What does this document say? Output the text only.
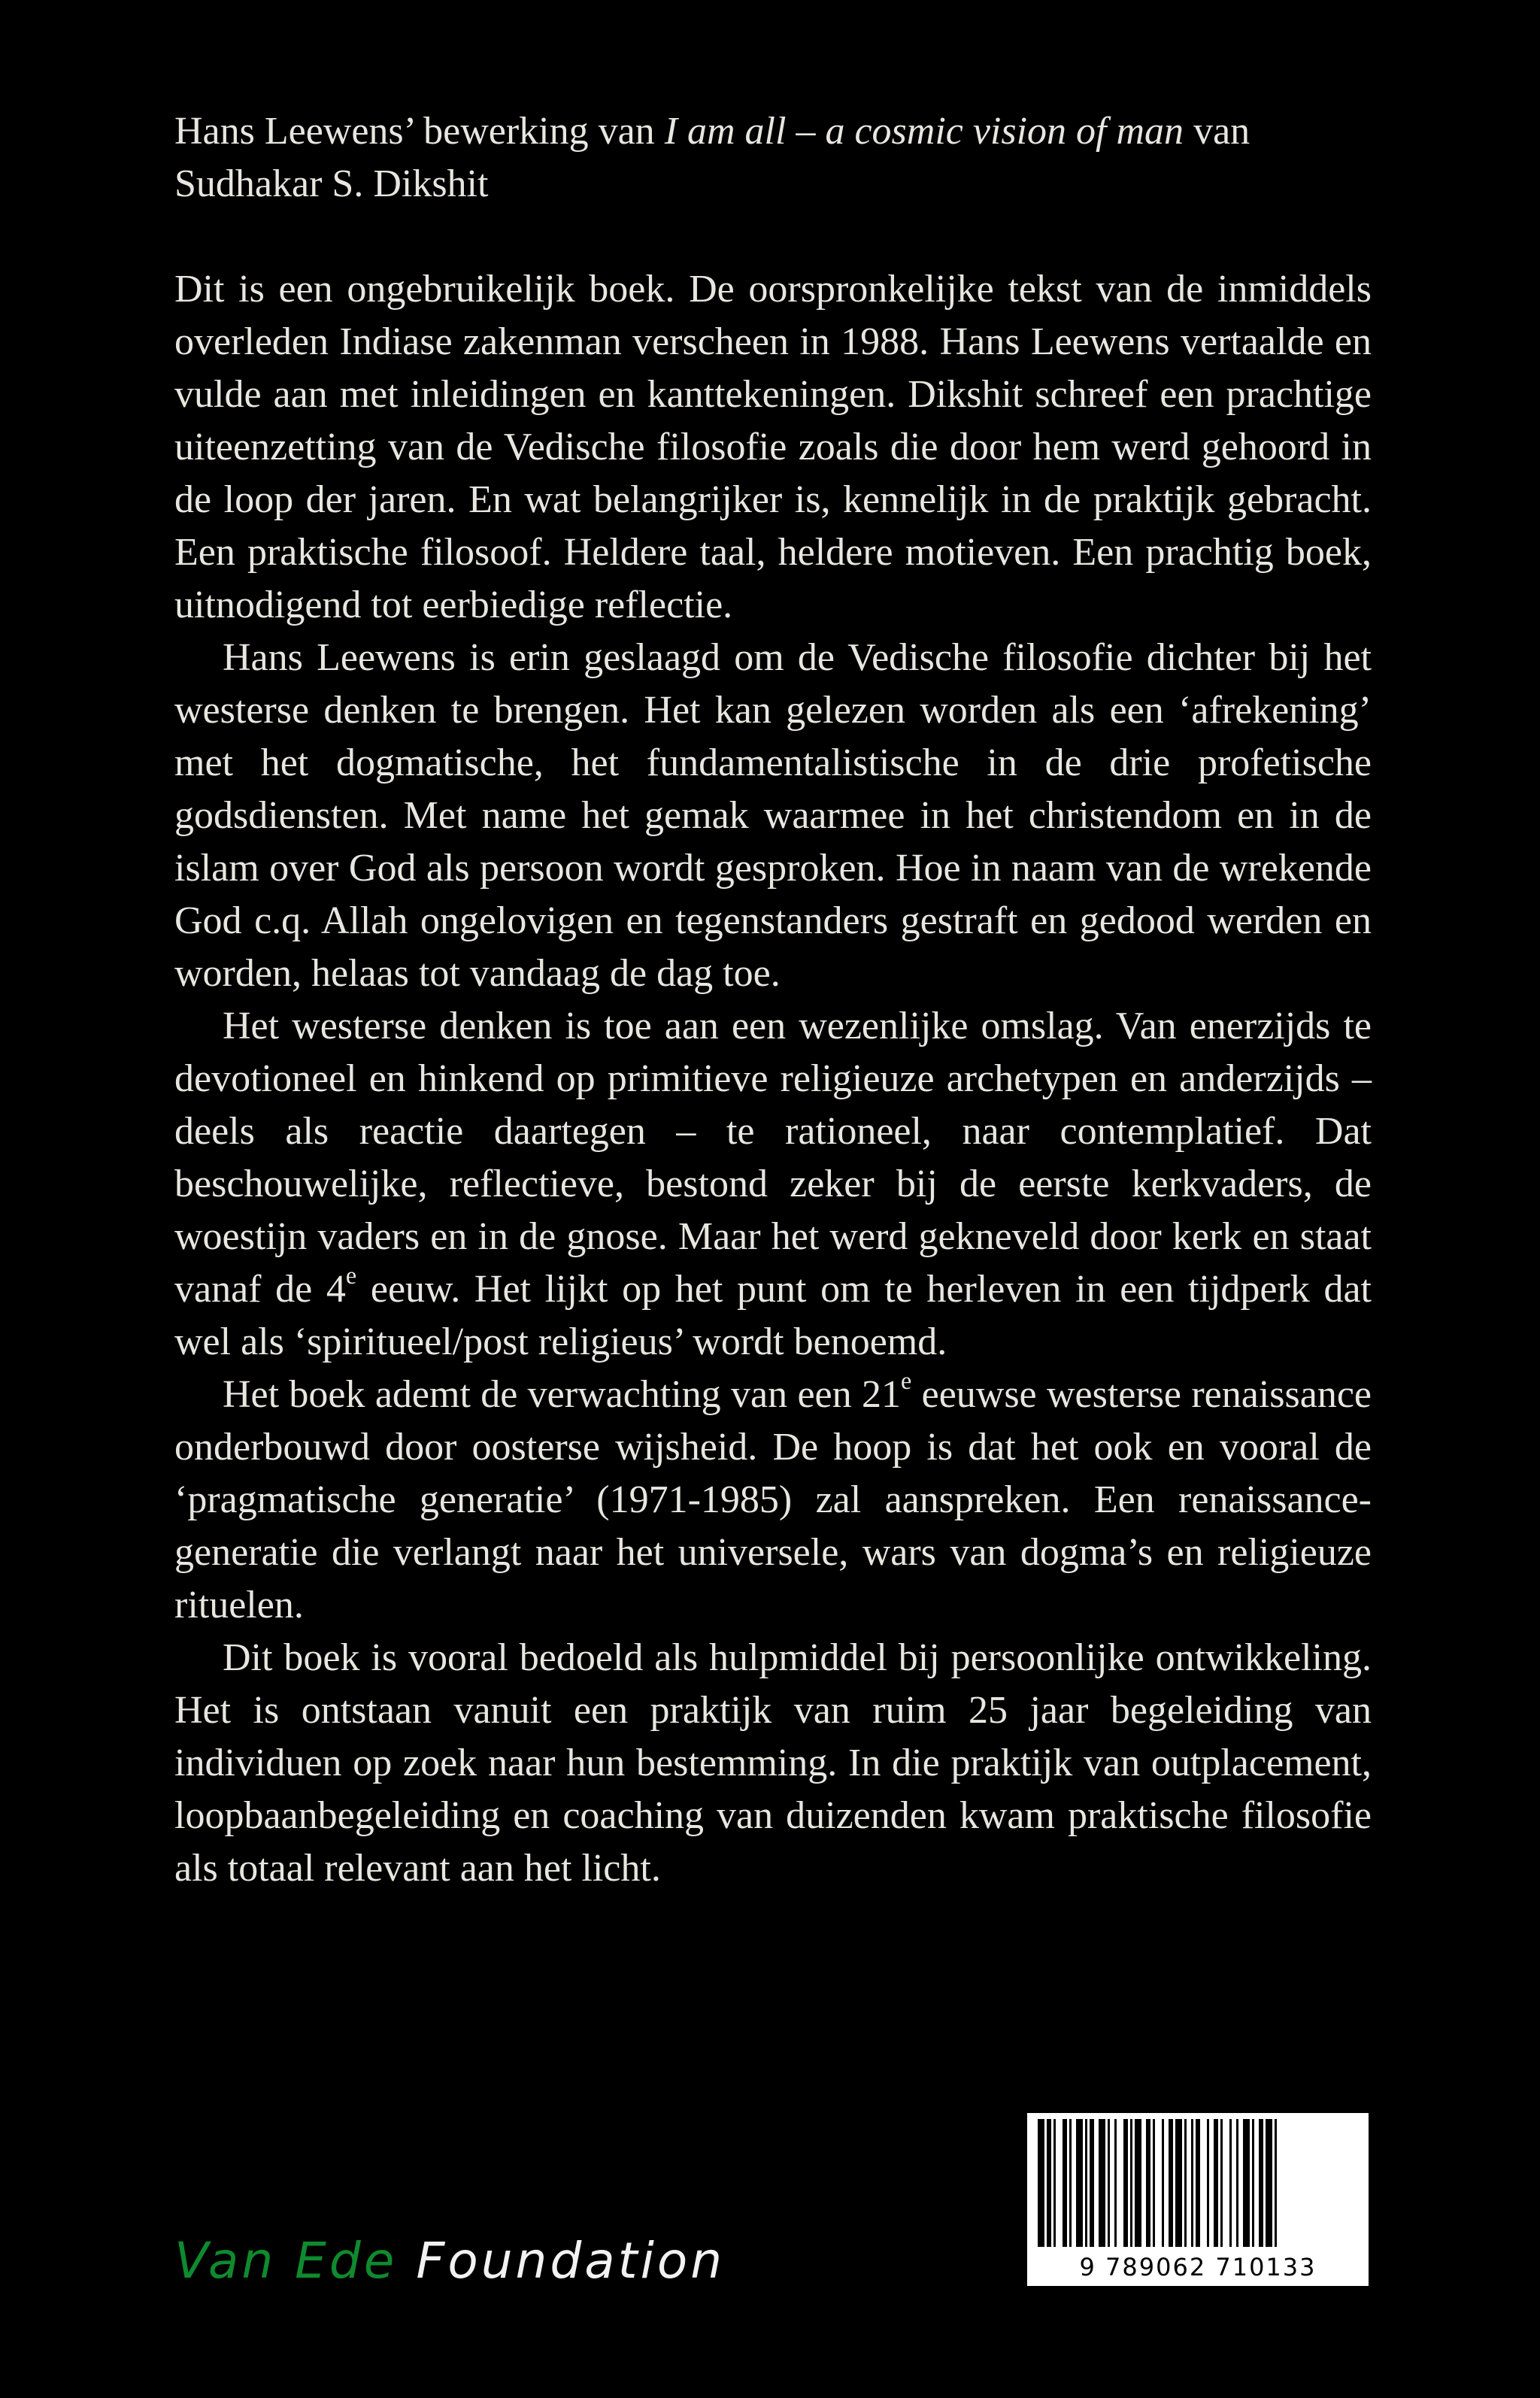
Hans Leewens’ bewerking van I am all – a cosmic vision of man van Sudhakar S. Dikshit

Dit is een ongebruikelijk boek. De oorspronkelijke tekst van de inmiddels overleden Indiase zakenman verscheen in 1988. Hans Leewens vertaalde en vulde aan met inleidingen en kanttekeningen. Dikshit schreef een prachtige uiteenzetting van de Vedische filosofie zoals die door hem werd gehoord in de loop der jaren. En wat belangrijker is, kennelijk in de praktijk gebracht. Een praktische filosoof. Heldere taal, heldere motieven. Een prachtig boek, uitnodigend tot eerbiedige reflectie.

Hans Leewens is erin geslaagd om de Vedische filosofie dichter bij het westerse denken te brengen. Het kan gelezen worden als een ‘afrekening’ met het dogmatische, het fundamentalistische in de drie profetische godsdiensten. Met name het gemak waarmee in het christendom en in de islam over God als persoon wordt gesproken. Hoe in naam van de wrekende God c.q. Allah ongelovigen en tegenstanders gestraft en gedood werden en worden, helaas tot vandaag de dag toe.

Het westerse denken is toe aan een wezenlijke omslag. Van enerzijds te devotioneel en hinkend op primitieve religieuze archetypen en anderzijds – deels als reactie daartegen – te rationeel, naar contemplatief. Dat beschouwelijke, reflectieve, bestond zeker bij de eerste kerkvaders, de woestijn vaders en in de gnose. Maar het werd gekneveld door kerk en staat vanaf de 4e eeuw. Het lijkt op het punt om te herleven in een tijdperk dat wel als ‘spiritueel/post religieus’ wordt benoemd.

Het boek ademt de verwachting van een 21e eeuwse westerse renaissance onderbouwd door oosterse wijsheid. De hoop is dat het ook en vooral de ‘pragmatische generatie’ (1971-1985) zal aanspreken. Een renaissance-generatie die verlangt naar het universele, wars van dogma’s en religieuze rituelen.

Dit boek is vooral bedoeld als hulpmiddel bij persoonlijke ontwikkeling. Het is ontstaan vanuit een praktijk van ruim 25 jaar begeleiding van individuen op zoek naar hun bestemming. In die praktijk van outplacement, loopbaanbegeleiding en coaching van duizenden kwam praktische filosofie als totaal relevant aan het licht.

Van Ede Foundation	9 789062 710133
